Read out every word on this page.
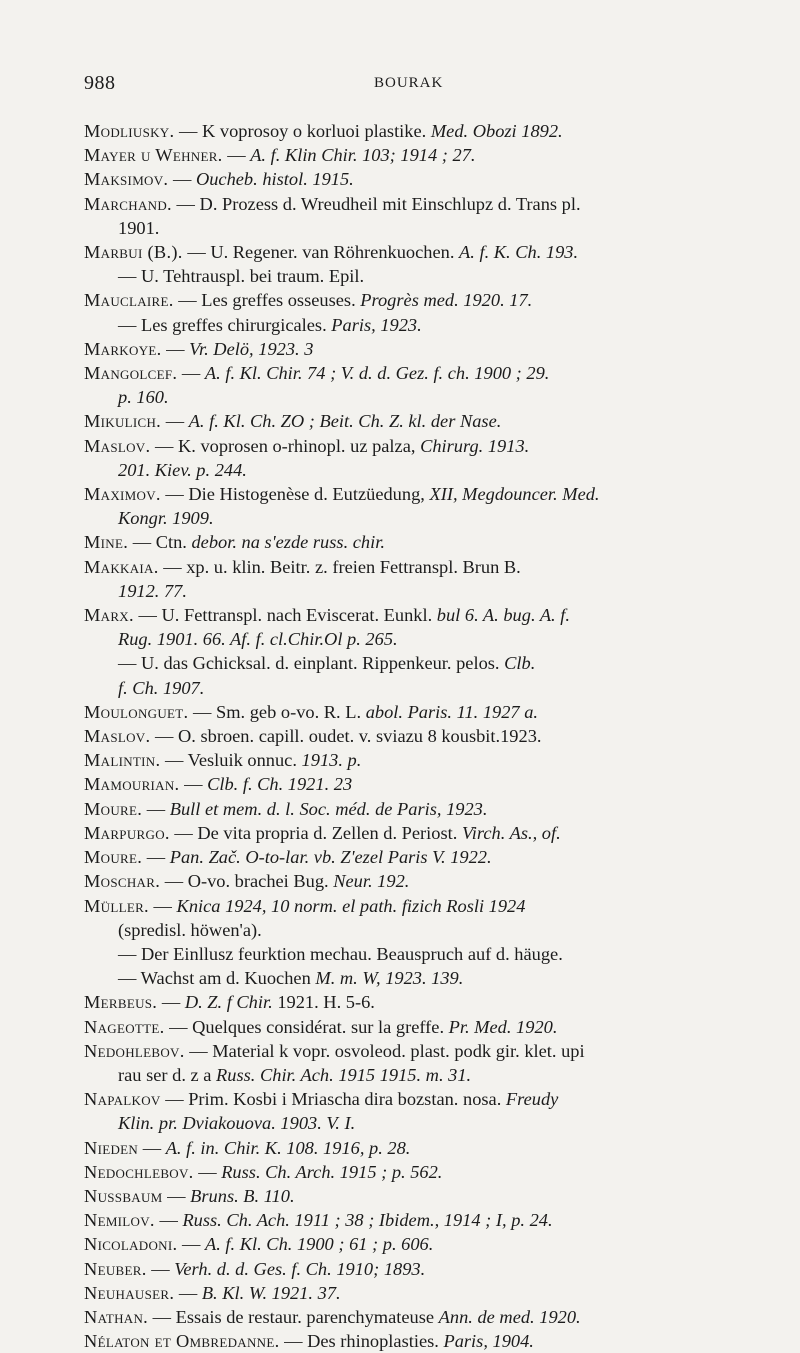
988	BOURAK

Modliusky. — K voprosoy o korluoi plastike. Med. Obozi 1892.

Mayer u Wehner. — A. f. Klin Chir. 103; 1914 ; 27.

Maksimov. — Oucheb. histol. 1915.

Marchand. — D. Prozess d. Wreudheil mit Einschlupz d. Trans pl.

1901.

Marbui (B.). — U. Regener. van Röhrenkuochen. A. f. K. Ch. 193.

— U. Tehtrauspl. bei traum. Epil.

Mauclaire. — Les greffes osseuses. Progrès med. 1920. 17.

— Les greffes chirurgicales. Paris, 1923.

Markoye. — Vr. Delö, 1923. 3

Mangolcef. — A. f. Kl. Chir. 74 ; V. d. d. Gez. f. ch. 1900 ; 29.

p. 160.

Mikulich. — A. f. Kl. Ch. ZO ; Beit. Ch. Z. kl. der Nase.

Maslov. — K. voprosen o-rhinopl. uz palza, Chirurg. 1913.

201. Kiev. p. 244.

Maximov. — Die Histogenèse d. Eutzüedung, XII, Megdouncer. Med.

Kongr. 1909.

Mine. — Ctn. debor. na s'ezde russ. chir.

Makkaia. — xp. u. klin. Beitr. z. freien Fettranspl. Brun B.

1912. 77.

Marx. — U. Fettranspl. nach Eviscerat. Eunkl. bul 6. A. bug. A. f.

Rug. 1901. 66. Af. f. cl.Chir.Ol p. 265.

— U. das Gchicksal. d. einplant. Rippenkeur. pelos. Clb.

f. Ch. 1907.

Moulonguet. — Sm. geb o-vo. R. L. abol. Paris. 11. 1927 a.

Maslov. — O. sbroen. capill. oudet. v. sviazu 8 kousbit.1923.

Malintin. — Vesluik onnuc. 1913. p.

Mamourian. — Clb. f. Ch. 1921. 23

Moure. — Bull et mem. d. l. Soc. méd. de Paris, 1923.

Marpurgo. — De vita propria d. Zellen d. Periost. Virch. As., of.

Moure. — Pan. Zač. O-to-lar. vb. Z'ezel Paris V. 1922.

Moschar. — O-vo. brachei Bug. Neur. 192.

Müller. — Knica 1924, 10 norm. el path. fizich Rosli 1924

(spredisl. höwen'a).

— Der Einllusz feurktion mechau. Beauspruch auf d. häuge.

— Wachst am d. Kuochen M. m. W, 1923. 139.

Merbeus. — D. Z. f Chir. 1921. H. 5-6.

Nageotte. — Quelques considérat. sur la greffe. Pr. Med. 1920.

Nedohlebov. — Material k vopr. osvoleod. plast. podk gir. klet. upi

rau ser d. z a Russ. Chir. Ach. 1915 1915. m. 31.

Napalkov — Prim. Kosbi i Mriascha dira bozstan. nosa. Freudy

Klin. pr. Dviakouova. 1903. V. I.

Nieden — A. f. in. Chir. K. 108. 1916, p. 28.

Nedochlebov. — Russ. Ch. Arch. 1915 ; p. 562.

Nussbaum — Bruns. B. 110.

Nemilov. — Russ. Ch. Ach. 1911 ; 38 ; Ibidem., 1914 ; I, p. 24.

Nicoladoni. — A. f. Kl. Ch. 1900 ; 61 ; p. 606.

Neuber. — Verh. d. d. Ges. f. Ch. 1910; 1893.

Neuhauser. — B. Kl. W. 1921. 37.

Nathan. — Essais de restaur. parenchymateuse Ann. de med. 1920.

Nélaton et Ombredanne. — Des rhinoplasties. Paris, 1904.
